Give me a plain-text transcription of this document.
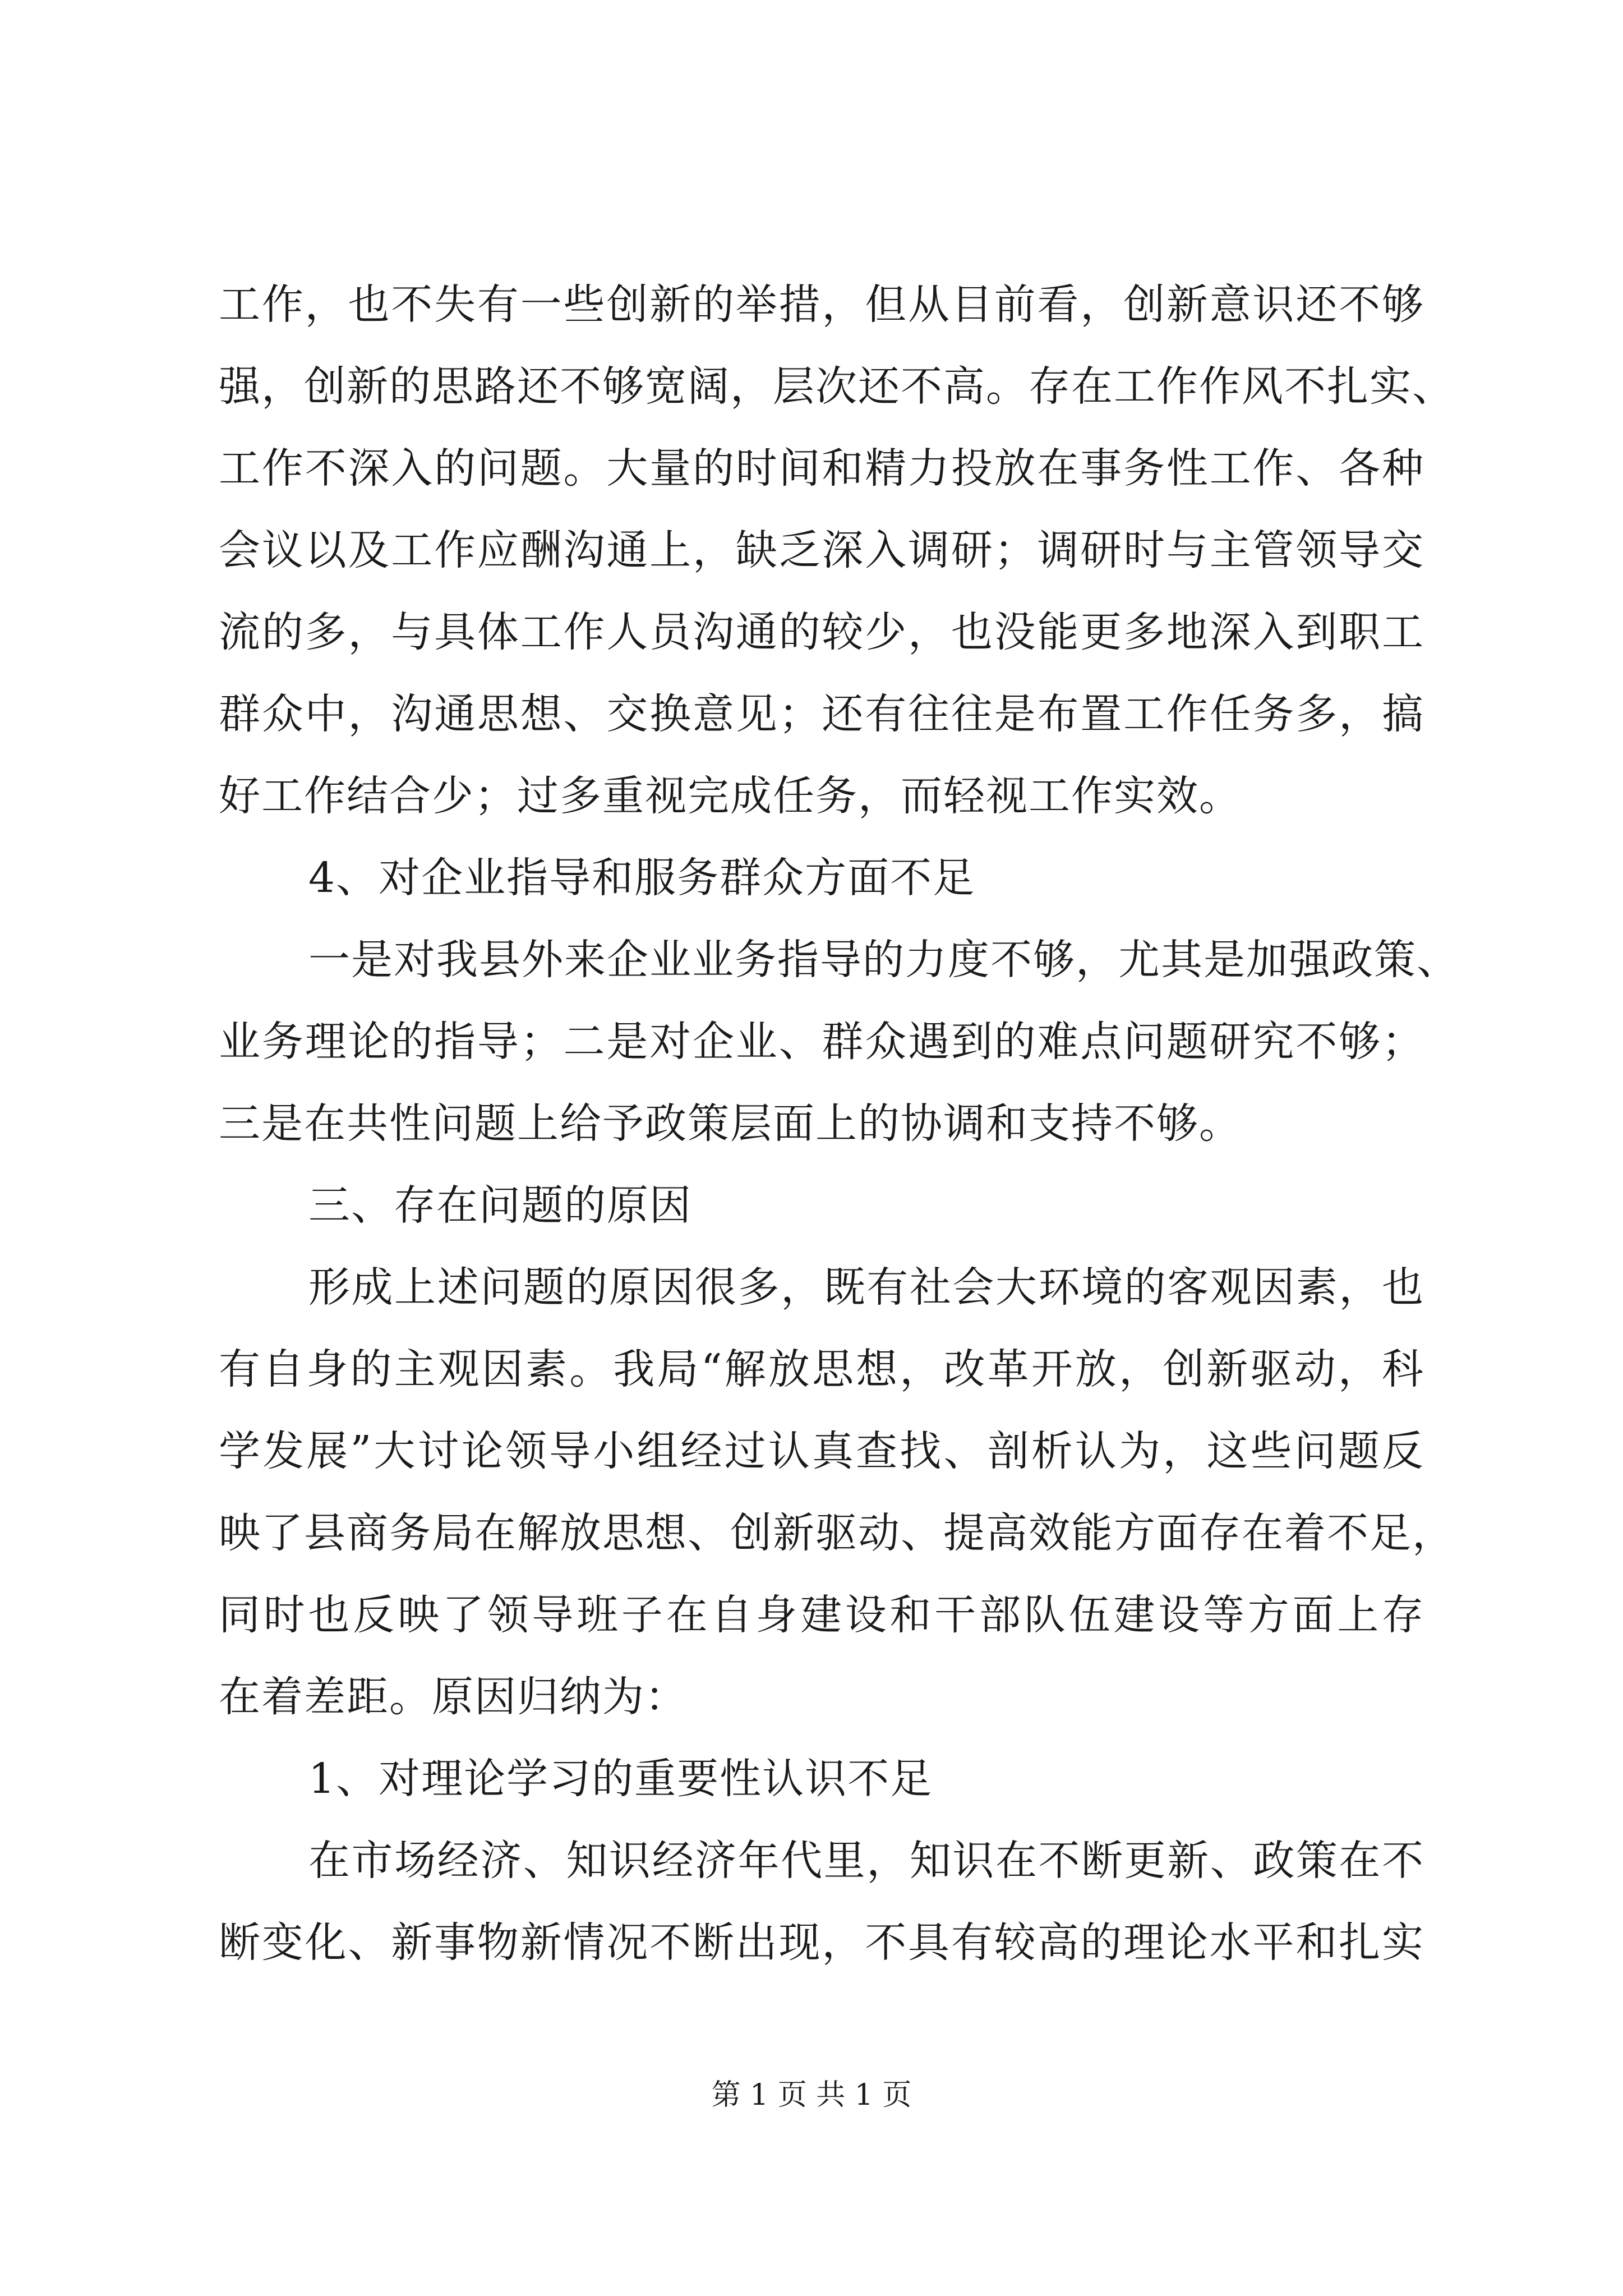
工作，也不失有一些创新的举措，但从目前看，创新意识还不够
强，创新的思路还不够宽阔，层次还不高。存在工作作风不扎实、
工作不深入的问题。大量的时间和精力投放在事务性工作、各种
会议以及工作应酬沟通上，缺乏深入调研；调研时与主管领导交
流的多，与具体工作人员沟通的较少，也没能更多地深入到职工
群众中，沟通思想、交换意见；还有往往是布置工作任务多，搞
好工作结合少；过多重视完成任务，而轻视工作实效。
4、对企业指导和服务群众方面不足
一是对我县外来企业业务指导的力度不够，尤其是加强政策、
业务理论的指导；二是对企业、群众遇到的难点问题研究不够；
三是在共性问题上给予政策层面上的协调和支持不够。
三、存在问题的原因
形成上述问题的原因很多，既有社会大环境的客观因素，也
有自身的主观因素。我局“解放思想，改革开放，创新驱动，科
学发展”大讨论领导小组经过认真查找、剖析认为，这些问题反
映了县商务局在解放思想、创新驱动、提高效能方面存在着不足，
同时也反映了领导班子在自身建设和干部队伍建设等方面上存
在着差距。原因归纳为：
1、对理论学习的重要性认识不足
在市场经济、知识经济年代里，知识在不断更新、政策在不
断变化、新事物新情况不断出现，不具有较高的理论水平和扎实
第 1 页 共 1 页
